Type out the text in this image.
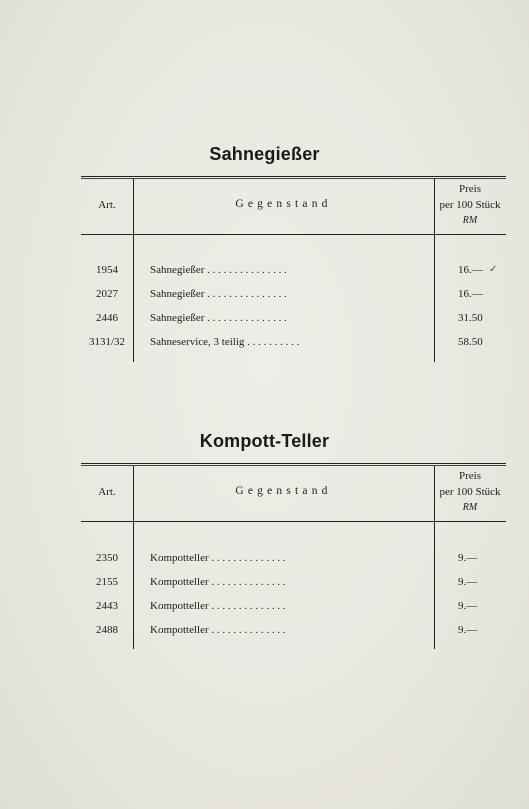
Sahnegießer
Art.	Gegenstand
Preis
per 100 Stück
RM
1954	Sahnegießer . . . . . . . . . . . . . . .	16.— ✓
2027	Sahnegießer . . . . . . . . . . . . . . .	16.—
2446	Sahnegießer . . . . . . . . . . . . . . .	31.50
3131/32	Sahneservice, 3 teilig . . . . . . . . . .	58.50
Kompott-Teller
Art.	Gegenstand
Preis
per 100 Stück
RM
2350	Kompotteller . . . . . . . . . . . . . .	9.—
2155	Kompotteller . . . . . . . . . . . . . .	9.—
2443	Kompotteller . . . . . . . . . . . . . .	9.—
2488	Kompotteller . . . . . . . . . . . . . .	9.—
